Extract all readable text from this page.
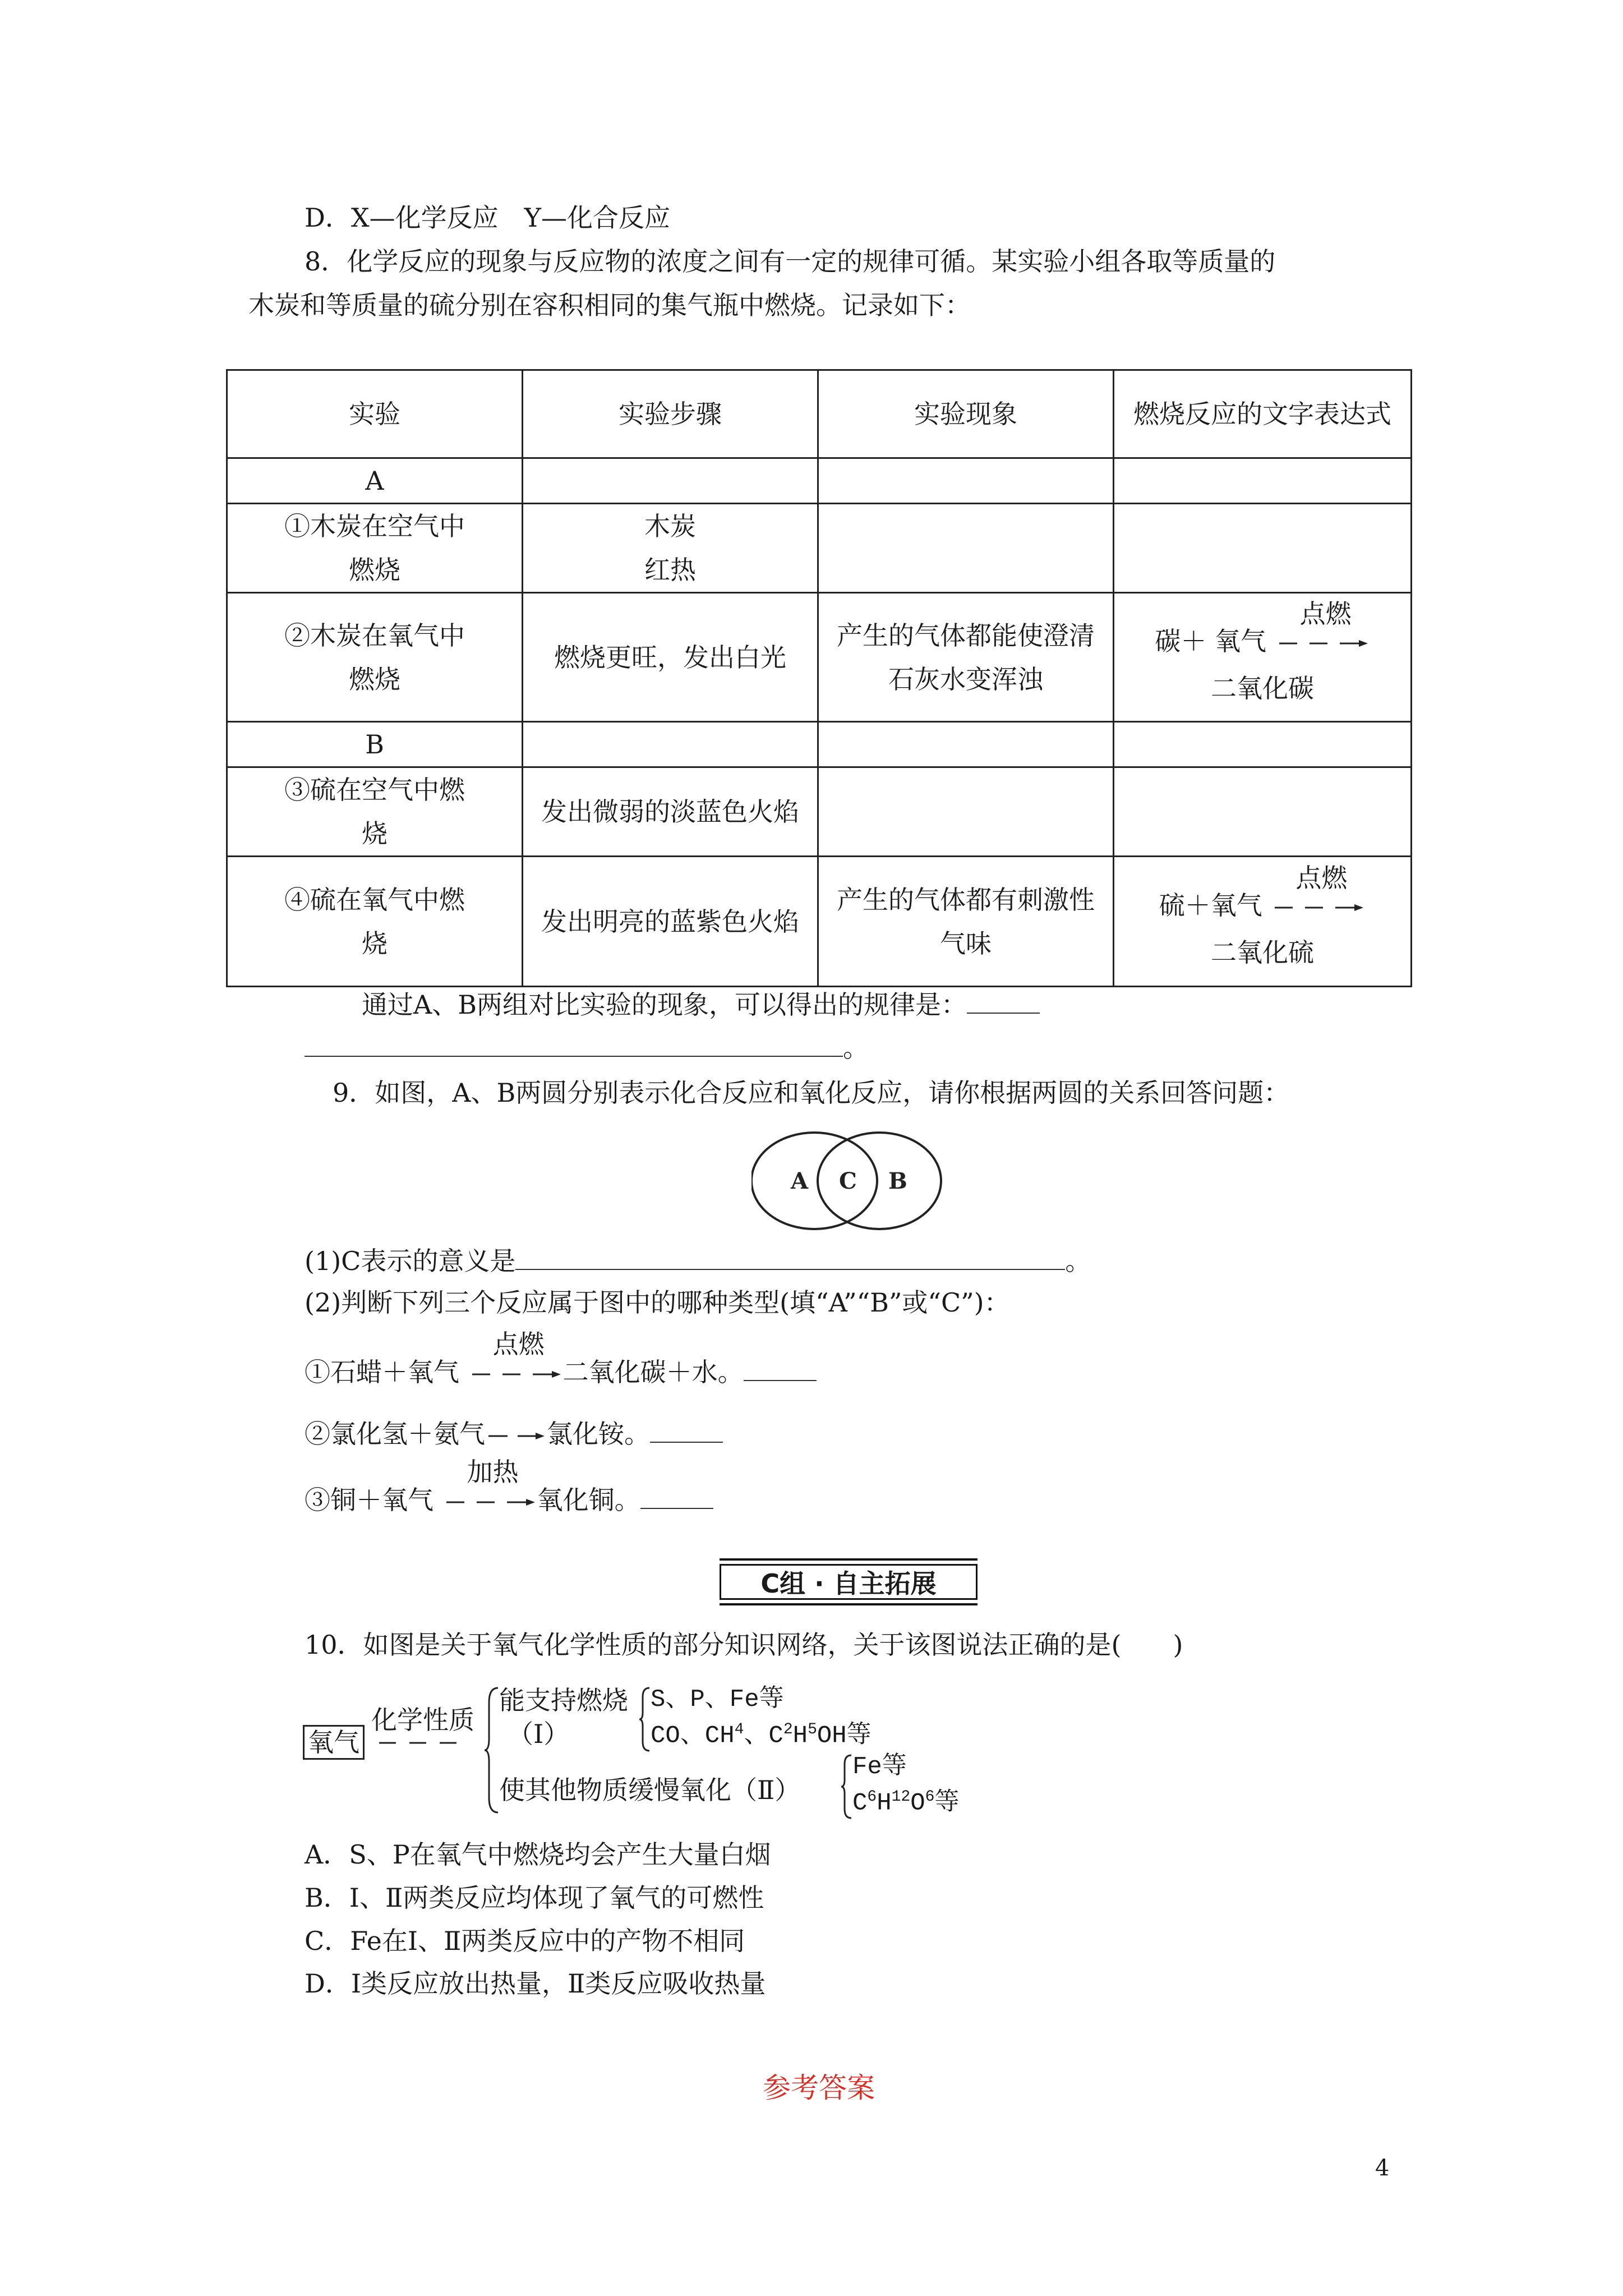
D．X—化学反应　Y—化合反应
8．化学反应的现象与反应物的浓度之间有一定的规律可循。某实验小组各取等质量的
木炭和等质量的硫分别在容积相同的集气瓶中燃烧。记录如下：
实验	实验步骤	实验现象	燃烧反应的文字表达式
A			
①木炭在空气中燃烧	木炭红热		
②木炭在氧气中燃烧	燃烧更旺，发出白光	产生的气体都能使澄清石灰水变浑浊	碳＋ 氧气
点燃
二氧化碳

B			
③硫在空气中燃烧	发出微弱的淡蓝色火焰		
④硫在氧气中燃烧	发出明亮的蓝紫色火焰	产生的气体都有刺激性气味	硫＋氧气
点燃
二氧化硫
通过A、B两组对比实验的现象，可以得出的规律是：
。
9．如图，A、B两圆分别表示化合反应和氧化反应，请你根据两圆的关系回答问题：
A C B
(1)C表示的意义是	。
(2)判断下列三个反应属于图中的哪种类型(填“A”“B”或“C”)：
①石蜡＋氧气
点燃
二氧化碳＋水。
②氯化氢＋氨气 氯化铵。
③铜＋氧气
加热
氧化铜。
C组 · 自主拓展
10．如图是关于氧气化学性质的部分知识网络，关于该图说法正确的是(　　)
氧气
化学性质
能支持燃烧
（Ⅰ）
S、P、Fe等
CO、$CH^4$、$C^2H^5OH$等
使其他物质缓慢氧化（Ⅱ）
Fe等
$C^6H^{12}O^6$等
A．S、P在氧气中燃烧均会产生大量白烟
B．Ⅰ、Ⅱ两类反应均体现了氧气的可燃性
C．Fe在Ⅰ、Ⅱ两类反应中的产物不相同
D．Ⅰ类反应放出热量，Ⅱ类反应吸收热量
参考答案
4
